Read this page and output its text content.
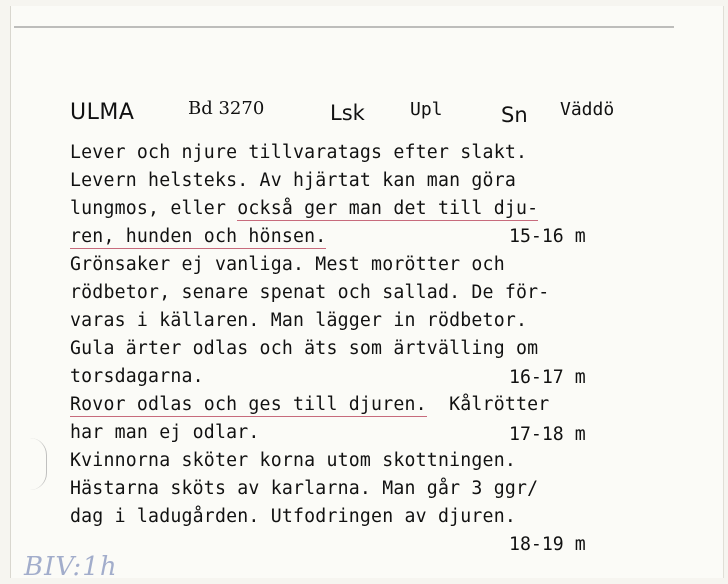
ULMA	Bd 3270	Lsk	Upl	Sn Väddö
Lever och njure tillvaratags efter slakt.
Levern helsteks. Av hjärtat kan man göra
lungmos, eller också ger man det till dju-
ren, hunden och hönsen.	15-16 m
Grönsaker ej vanliga. Mest morötter och
rödbetor, senare spenat och sallad. De för-
varas i källaren. Man lägger in rödbetor.
Gula ärter odlas och äts som ärtvälling om
torsdagarna.	16-17 m
Rovor odlas och ges till djuren.  Kålrötter
har man ej odlar.	17-18 m
Kvinnorna sköter korna utom skottningen.
Hästarna sköts av karlarna. Man går 3 ggr/
dag i ladugården. Utfodringen av djuren.
18-19 m
BIV:1h
